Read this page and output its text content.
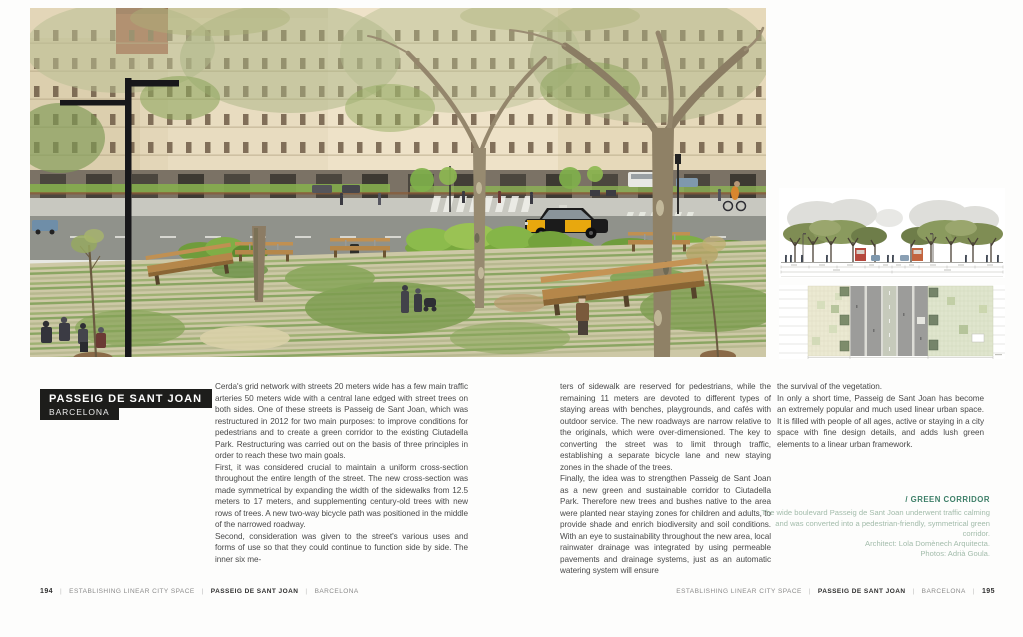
PASSEIG DE SANT JOAN
BARCELONA

Cerda's grid network with streets 20 meters wide has a few main traffic arteries 50 meters wide with a central lane edged with street trees on both sides. One of these streets is Passeig de Sant Joan, which was restructured in 2012 for two main purposes: to improve conditions for pedestrians and to create a green corridor to the existing Ciutadella Park. Restructuring was carried out on the basis of three principles in order to reach these two main goals.

First, it was considered crucial to maintain a uniform cross-section throughout the entire length of the street. The new cross-section was made symmetrical by expanding the width of the sidewalks from 12.5 meters to 17 meters, and supplementing century-old trees with new rows of trees. A new two-way bicycle path was positioned in the middle of the narrowed roadway.

Second, consideration was given to the street's various uses and forms of use so that they could continue to function side by side. The inner six me-

ters of sidewalk are reserved for pedestrians, while the remaining 11 meters are devoted to different types of staying areas with benches, playgrounds, and cafés with outdoor service. The new roadways are narrow relative to the originals, which were over-dimensioned. The key to converting the street was to limit through traffic, establishing a separate bicycle lane and new staying zones in the shade of the trees.

Finally, the idea was to strengthen Passeig de Sant Joan as a new green and sustainable corridor to Ciutadella Park. Therefore new trees and bushes native to the area were planted near staying zones for children and adults, to provide shade and enrich biodiversity and soil conditions. With an eye to sustainability throughout the new area, local rainwater drainage was integrated by using permeable pavements and drainage systems, just as an automatic watering system will ensure

the survival of the vegetation.

In only a short time, Passeig de Sant Joan has become an extremely popular and much used linear urban space. It is filled with people of all ages, active or staying in a city space with fine design details, and adds lush green elements to a linear urban framework.

/ GREEN CORRIDOR

The wide boulevard Passeig de Sant Joan underwent traffic calming and was converted into a pedestrian-friendly, symmetrical green corridor.

Architect: Lola Domènech Arquitecta.
Photos: Adrià Goula.
194 | ESTABLISHING LINEAR CITY SPACE | PASSEIG DE SANT JOAN | BARCELONA	ESTABLISHING LINEAR CITY SPACE | PASSEIG DE SANT JOAN | BARCELONA | 195
